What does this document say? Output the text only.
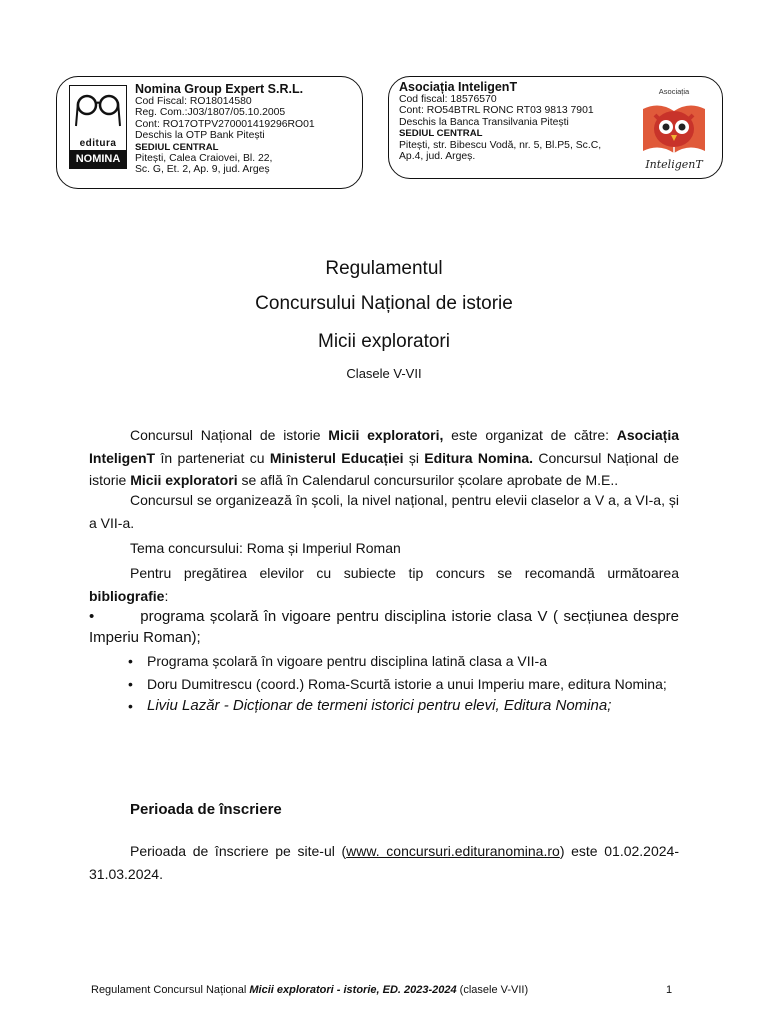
editura
NOMINA
Nomina Group Expert S.R.L.
Cod Fiscal: RO18014580
Reg. Com.:J03/1807/05.10.2005
Cont: RO17OTPV270001419296RO01
Deschis la OTP Bank Pitești
SEDIUL CENTRAL
Pitești, Calea Craiovei, Bl. 22,
Sc. G, Et. 2, Ap. 9, jud. Argeș
Asociația InteligenT
Cod fiscal: 18576570
Cont: RO54BTRL RONC RT03 9813 7901
Deschis la Banca Transilvania Pitești
SEDIUL CENTRAL
Pitești, str. Bibescu Vodă, nr. 5, Bl.P5, Sc.C,
Ap.4, jud. Argeș.
Asociația
InteligenT
Regulamentul
Concursului Național de istorie
Micii exploratori
Clasele V-VII
Concursul Național de istorie Micii exploratori, este organizat de către: Asociația InteligenT în parteneriat cu Ministerul Educației și Editura Nomina. Concursul Național de istorie Micii exploratori se află în Calendarul concursurilor școlare aprobate de M.E..
Concursul se organizează în școli, la nivel național, pentru elevii claselor a V a, a VI-a, și a VII-a.
Tema concursului: Roma și Imperiul Roman
Pentru pregătirea elevilor cu subiecte tip concurs se recomandă următoarea bibliografie:
•	programa școlară în vigoare pentru disciplina istorie clasa V ( secțiunea despre Imperiu Roman);
• Programa școlară în vigoare pentru disciplina latină clasa a VII-a
• Doru Dumitrescu (coord.) Roma-Scurtă istorie a unui Imperiu mare, editura Nomina;
• Liviu Lazăr - Dicționar de termeni istorici pentru elevi, Editura Nomina;
Perioada de înscriere
Perioada de înscriere pe site-ul (www. concursuri.edituranomina.ro) este 01.02.2024-31.03.2024.
Regulament Concursul Național Micii exploratori - istorie, ED. 2023-2024 (clasele V-VII)	1
